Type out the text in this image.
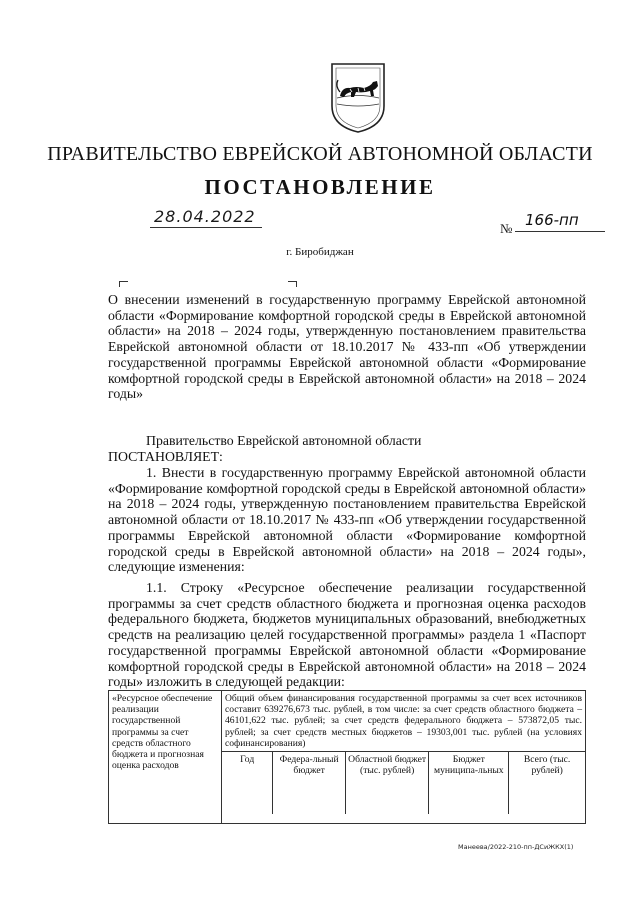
ПРАВИТЕЛЬСТВО ЕВРЕЙСКОЙ АВТОНОМНОЙ ОБЛАСТИ
ПОСТАНОВЛЕНИЕ
28.04.2022
№ 166-пп
г. Биробиджан
О внесении изменений в государственную программу Еврейской автономной области «Формирование комфортной городской среды в Еврейской автономной области» на 2018 – 2024 годы, утвержденную постановлением правительства Еврейской автономной области от 18.10.2017 № 433-пп «Об утверждении государственной программы Еврейской автономной области «Формирование комфортной городской среды в Еврейской автономной области» на 2018 – 2024 годы»
Правительство Еврейской автономной области
ПОСТАНОВЛЯЕТ:
1. Внести в государственную программу Еврейской автономной области «Формирование комфортной городской среды в Еврейской автономной области» на 2018 – 2024 годы, утвержденную постановлением правительства Еврейской автономной области от 18.10.2017 № 433-пп «Об утверждении государственной программы Еврейской автономной области «Формирование комфортной городской среды в Еврейской автономной области» на 2018 – 2024 годы», следующие изменения:
1.1. Строку «Ресурсное обеспечение реализации государственной программы за счет средств областного бюджета и прогнозная оценка расходов федерального бюджета, бюджетов муниципальных образований, внебюджетных средств на реализацию целей государственной программы» раздела 1 «Паспорт государственной программы Еврейской автономной области «Формирование комфортной городской среды в Еврейской автономной области» на 2018 – 2024 годы» изложить в следующей редакции:
«Ресурсное обеспечение реализации государственной программы за счет средств областного бюджета и прогнозная оценка расходов	Общий объем финансирования государственной программы за счет всех источников составит 639276,673 тыс. рублей, в том числе: за счет средств областного бюджета – 46101,622 тыс. рублей; за счет средств федерального бюджета – 573872,05 тыс. рублей; за счет средств местных бюджетов – 19303,001 тыс. рублей (на условиях софинансирования)

Год	Федера-льный бюджет	Областной бюджет (тыс. рублей)	Бюджет муниципа-льных	Всего (тыс. рублей)
Манеева/2022-210-пп-ДСиЖКХ(1)
